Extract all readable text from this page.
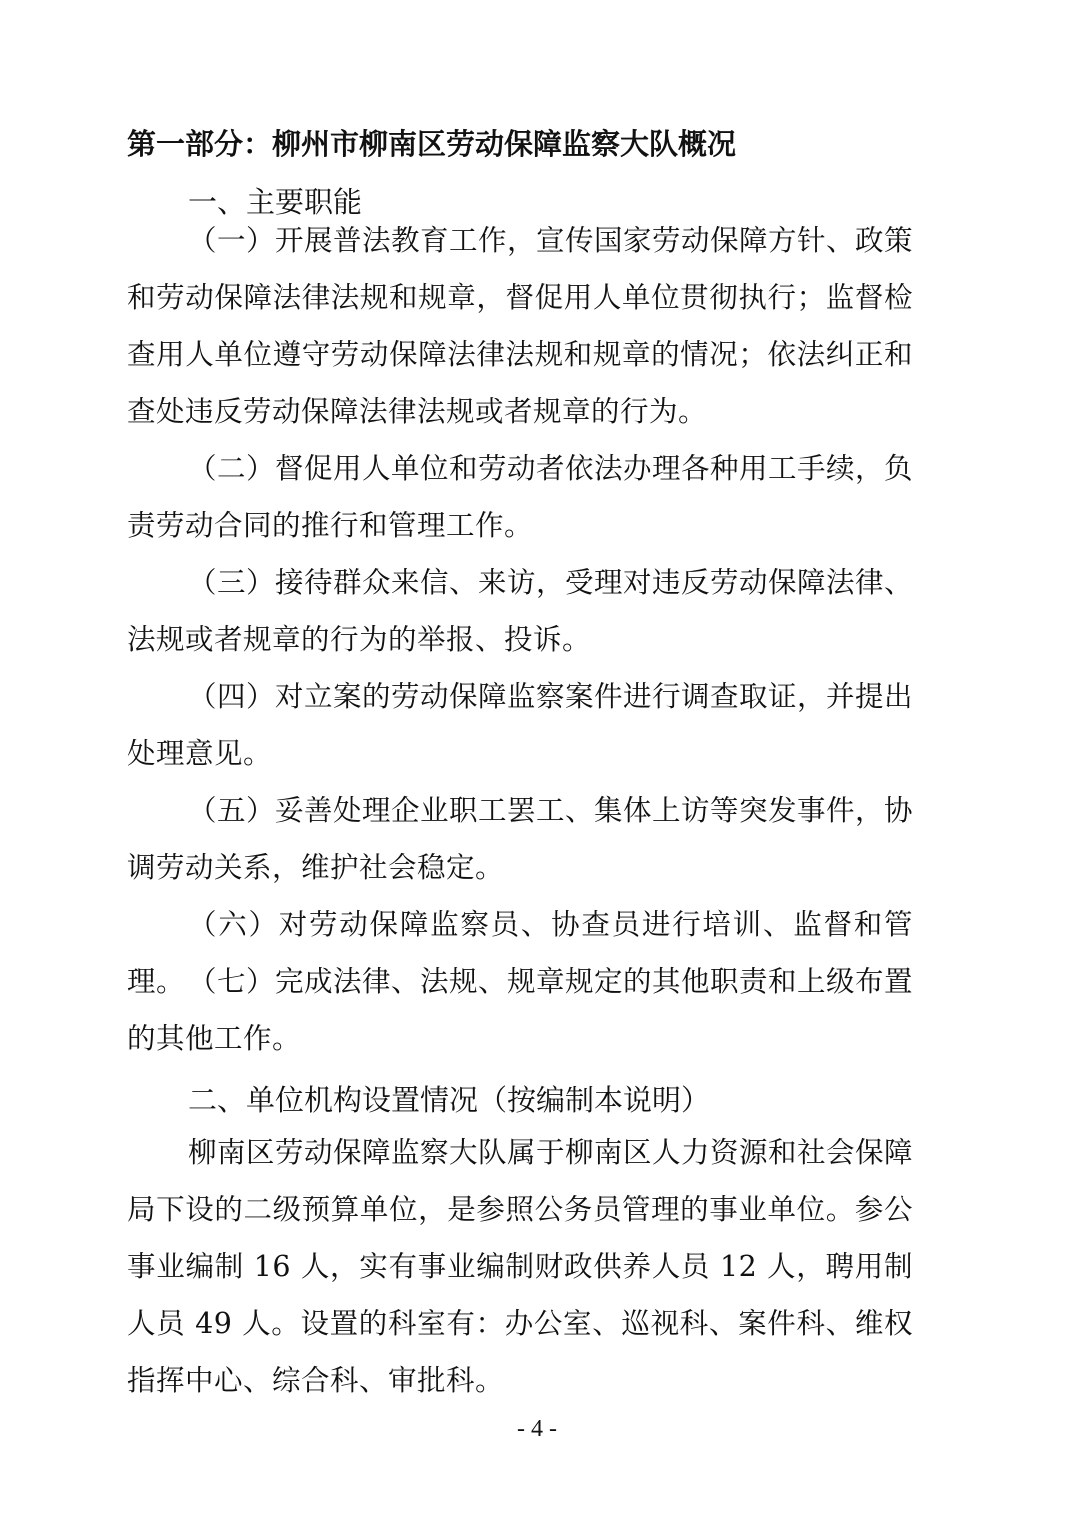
第一部分：柳州市柳南区劳动保障监察大队概况
一、主要职能

（一）开展普法教育工作，宣传国家劳动保障方针、政策和劳动保障法律法规和规章，督促用人单位贯彻执行；监督检查用人单位遵守劳动保障法律法规和规章的情况；依法纠正和查处违反劳动保障法律法规或者规章的行为。

（二）督促用人单位和劳动者依法办理各种用工手续，负责劳动合同的推行和管理工作。

（三）接待群众来信、来访，受理对违反劳动保障法律、法规或者规章的行为的举报、投诉。

（四）对立案的劳动保障监察案件进行调查取证，并提出处理意见。

（五）妥善处理企业职工罢工、集体上访等突发事件，协调劳动关系，维护社会稳定。

（六）对劳动保障监察员、协查员进行培训、监督和管理。 （七）完成法律、法规、规章规定的其他职责和上级布置的其他工作。

二、单位机构设置情况（按编制本说明）

柳南区劳动保障监察大队属于柳南区人力资源和社会保障局下设的二级预算单位，是参照公务员管理的事业单位。参公事业编制 16 人，实有事业编制财政供养人员 12 人，聘用制人员 49 人。设置的科室有：办公室、巡视科、案件科、维权指挥中心、综合科、审批科。

- 4 -
